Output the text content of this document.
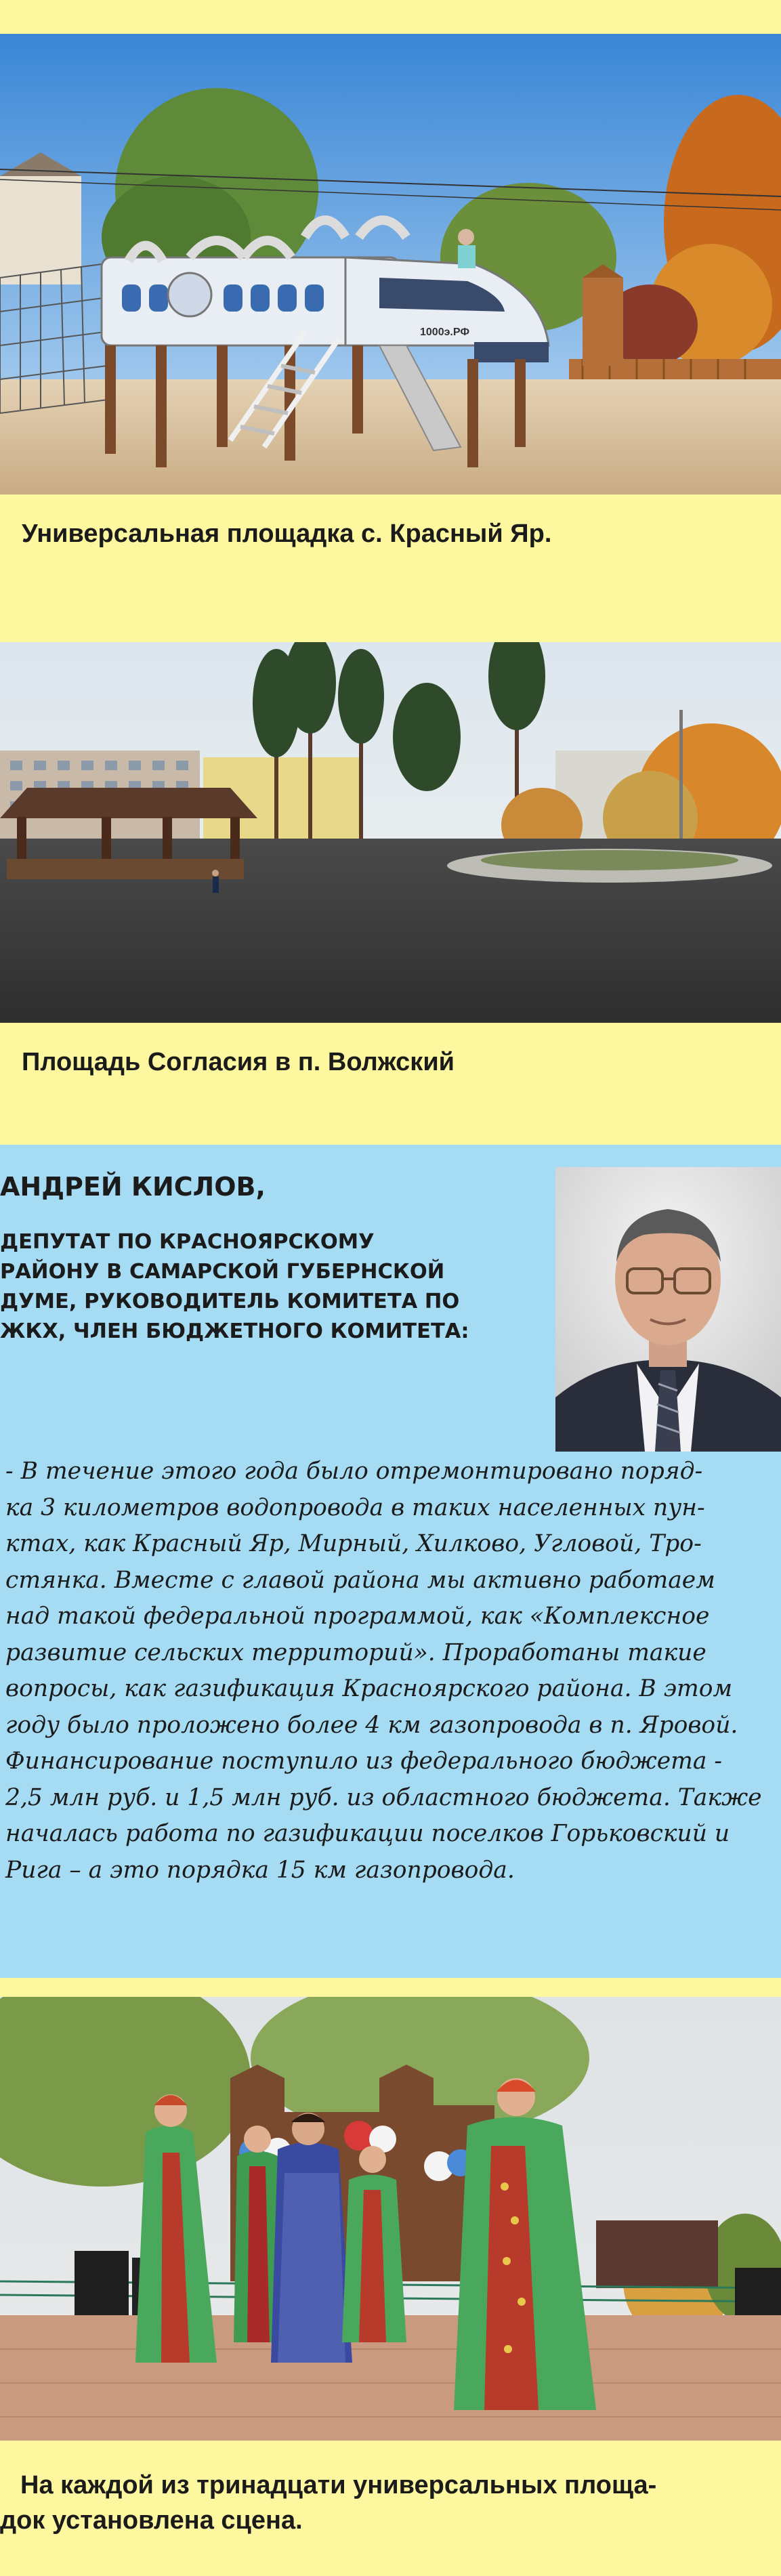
1000э.РФ
Универсальная площадка с. Красный Яр.
Площадь Согласия в п. Волжский
АНДРЕЙ КИСЛОВ,
ДЕПУТАТ ПО КРАСНОЯРСКОМУ
РАЙОНУ В САМАРСКОЙ ГУБЕРНСКОЙ
ДУМЕ, РУКОВОДИТЕЛЬ КОМИТЕТА ПО
ЖКХ, ЧЛЕН БЮДЖЕТНОГО КОМИТЕТА:
- В течение этого года было отремонтировано поряд-
ка 3 километров водопровода в таких населенных пун-
ктах, как Красный Яр, Мирный, Хилково, Угловой, Тро-
стянка. Вместе с главой района мы активно работаем
над такой федеральной программой, как «Комплексное
развитие сельских территорий». Проработаны такие
вопросы, как газификация Красноярского района. В этом
году было проложено более 4 км газопровода в п. Яровой.
Финансирование поступило из федерального бюджета -
2,5 млн руб. и 1,5 млн руб. из областного бюджета. Также
началась работа по газификации поселков Горьковский и
Рига – а это порядка 15 км газопровода.
На каждой из тринадцати универсальных площа-
док установлена сцена.
